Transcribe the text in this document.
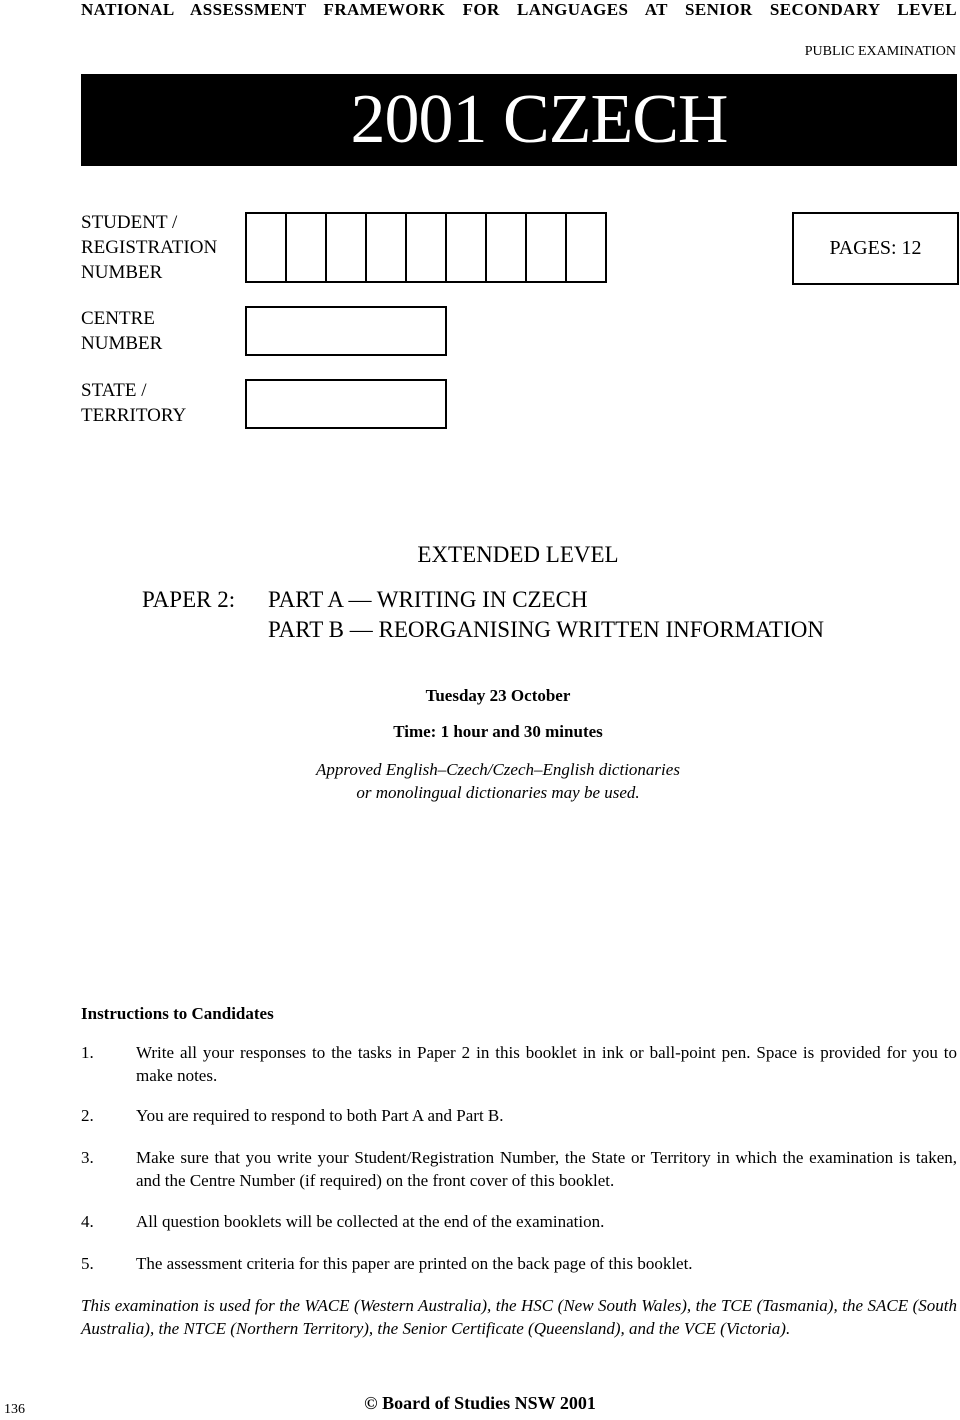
NATIONAL ASSESSMENT FRAMEWORK FOR LANGUAGES AT SENIOR SECONDARY LEVEL
PUBLIC EXAMINATION
2001 CZECH
STUDENT /
REGISTRATION
NUMBER
PAGES: 12
CENTRE
NUMBER
STATE /
TERRITORY
EXTENDED LEVEL
PAPER 2: PART A — WRITING IN CZECH
PART B — REORGANISING WRITTEN INFORMATION
Tuesday 23 October
Time: 1 hour and 30 minutes
Approved English–Czech/Czech–English dictionaries
or monolingual dictionaries may be used.
Instructions to Candidates
1. Write all your responses to the tasks in Paper 2 in this booklet in ink or ball-point pen. Space is provided for you to make notes.
2. You are required to respond to both Part A and Part B.
3. Make sure that you write your Student/Registration Number, the State or Territory in which the examination is taken, and the Centre Number (if required) on the front cover of this booklet.
4. All question booklets will be collected at the end of the examination.
5. The assessment criteria for this paper are printed on the back page of this booklet.
This examination is used for the WACE (Western Australia), the HSC (New South Wales), the TCE (Tasmania), the SACE (South Australia), the NTCE (Northern Territory), the Senior Certificate (Queensland), and the VCE (Victoria).
136	© Board of Studies NSW 2001
